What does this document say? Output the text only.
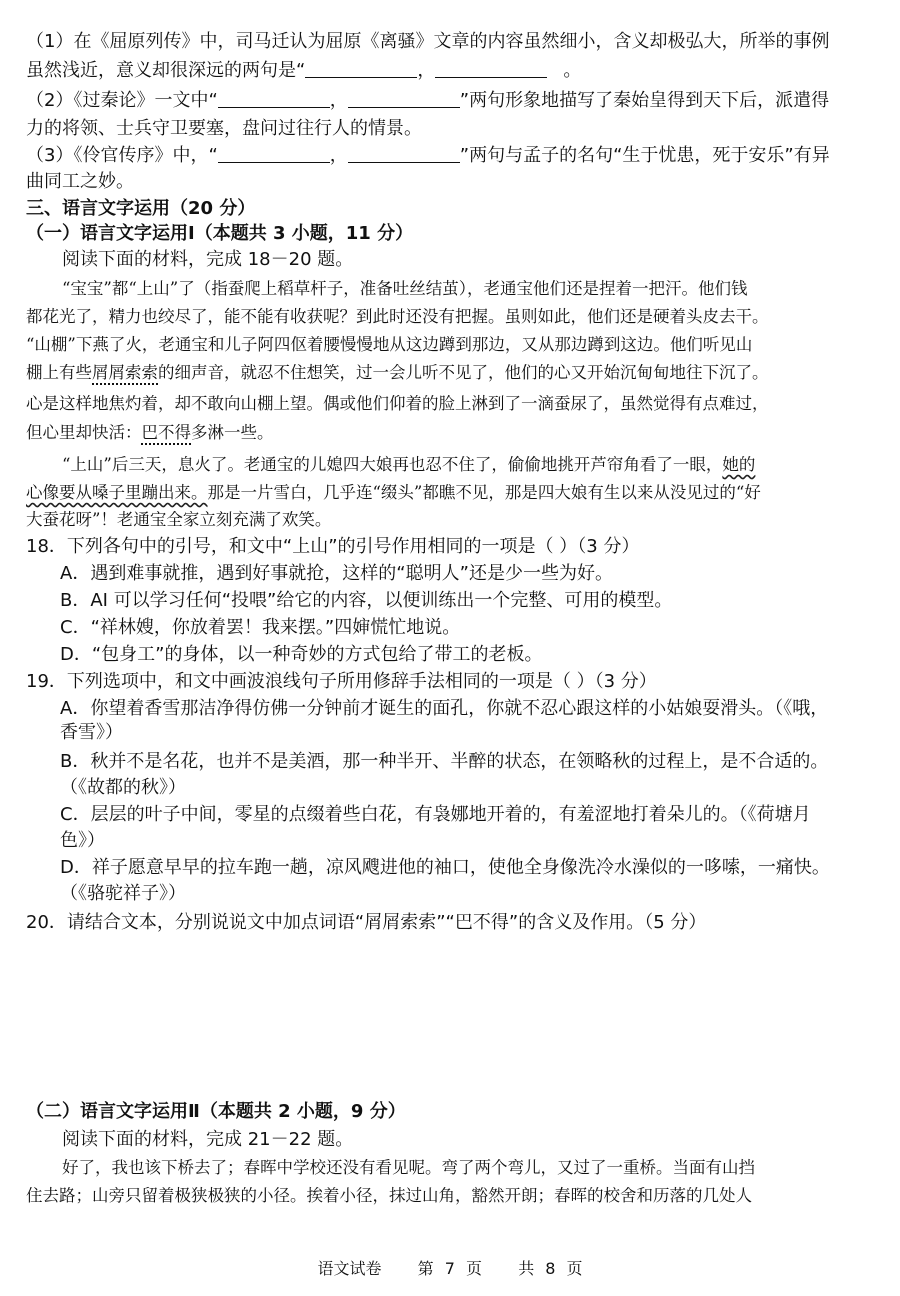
（1）在《屈原列传》中，司马迁认为屈原《离骚》文章的内容虽然细小，含义却极弘大，所举的事例
虽然浅近，意义却很深远的两句是“	，	。
（2）《过秦论》一文中“	，	”两句形象地描写了秦始皇得到天下后，派遣得
力的将领、士兵守卫要塞，盘问过往行人的情景。
（3）《伶官传序》中，“	，	”两句与孟子的名句“生于忧患，死于安乐”有异
曲同工之妙。
三、语言文字运用（20 分）
（一）语言文字运用Ⅰ（本题共 3 小题，11 分）
阅读下面的材料，完成 18－20 题。
“宝宝”都“上山”了（指蚕爬上稻草杆子，准备吐丝结茧），老通宝他们还是捏着一把汗。他们钱
都花光了，精力也绞尽了，能不能有收获呢？到此时还没有把握。虽则如此，他们还是硬着头皮去干。
“山棚”下燕了火，老通宝和儿子阿四伛着腰慢慢地从这边蹲到那边，又从那边蹲到这边。他们听见山
棚上有些屑屑索索的细声音，就忍不住想笑，过一会儿听不见了，他们的心又开始沉甸甸地往下沉了。
心是这样地焦灼着，却不敢向山棚上望。偶或他们仰着的脸上淋到了一滴蚕尿了，虽然觉得有点难过，
但心里却快活：巴不得多淋一些。
“上山”后三天，息火了。老通宝的儿媳四大娘再也忍不住了，偷偷地挑开芦帘角看了一眼，她的
心像要从嗓子里蹦出来。那是一片雪白，几乎连“缀头”都瞧不见，那是四大娘有生以来从没见过的“好
大蚕花呀”！老通宝全家立刻充满了欢笑。
18．下列各句中的引号，和文中“上山”的引号作用相同的一项是（ ）（3 分）
A．遇到难事就推，遇到好事就抢，这样的“聪明人”还是少一些为好。
B．AI 可以学习任何“投喂”给它的内容，以便训练出一个完整、可用的模型。
C．“祥林嫂，你放着罢！我来摆。”四婶慌忙地说。
D．“包身工”的身体，以一种奇妙的方式包给了带工的老板。
19．下列选项中，和文中画波浪线句子所用修辞手法相同的一项是（ ）（3 分）
A．你望着香雪那洁净得仿佛一分钟前才诞生的面孔，你就不忍心跟这样的小姑娘耍滑头。（《哦，
香雪》）
B．秋并不是名花，也并不是美酒，那一种半开、半醉的状态，在领略秋的过程上，是不合适的。
（《故都的秋》）
C．层层的叶子中间，零星的点缀着些白花，有袅娜地开着的，有羞涩地打着朵儿的。（《荷塘月
色》）
D．祥子愿意早早的拉车跑一趟，凉风飕进他的袖口，使他全身像洗冷水澡似的一哆嗦，一痛快。
（《骆驼祥子》）
20．请结合文本，分别说说文中加点词语“屑屑索索”“巴不得”的含义及作用。（5 分）
（二）语言文字运用Ⅱ（本题共 2 小题，9 分）
阅读下面的材料，完成 21－22 题。
好了，我也该下桥去了；春晖中学校还没有看见呢。弯了两个弯儿，又过了一重桥。当面有山挡
住去路；山旁只留着极狭极狭的小径。挨着小径，抹过山角，豁然开朗；春晖的校舍和历落的几处人
语文试卷 第 7 页 共 8 页
